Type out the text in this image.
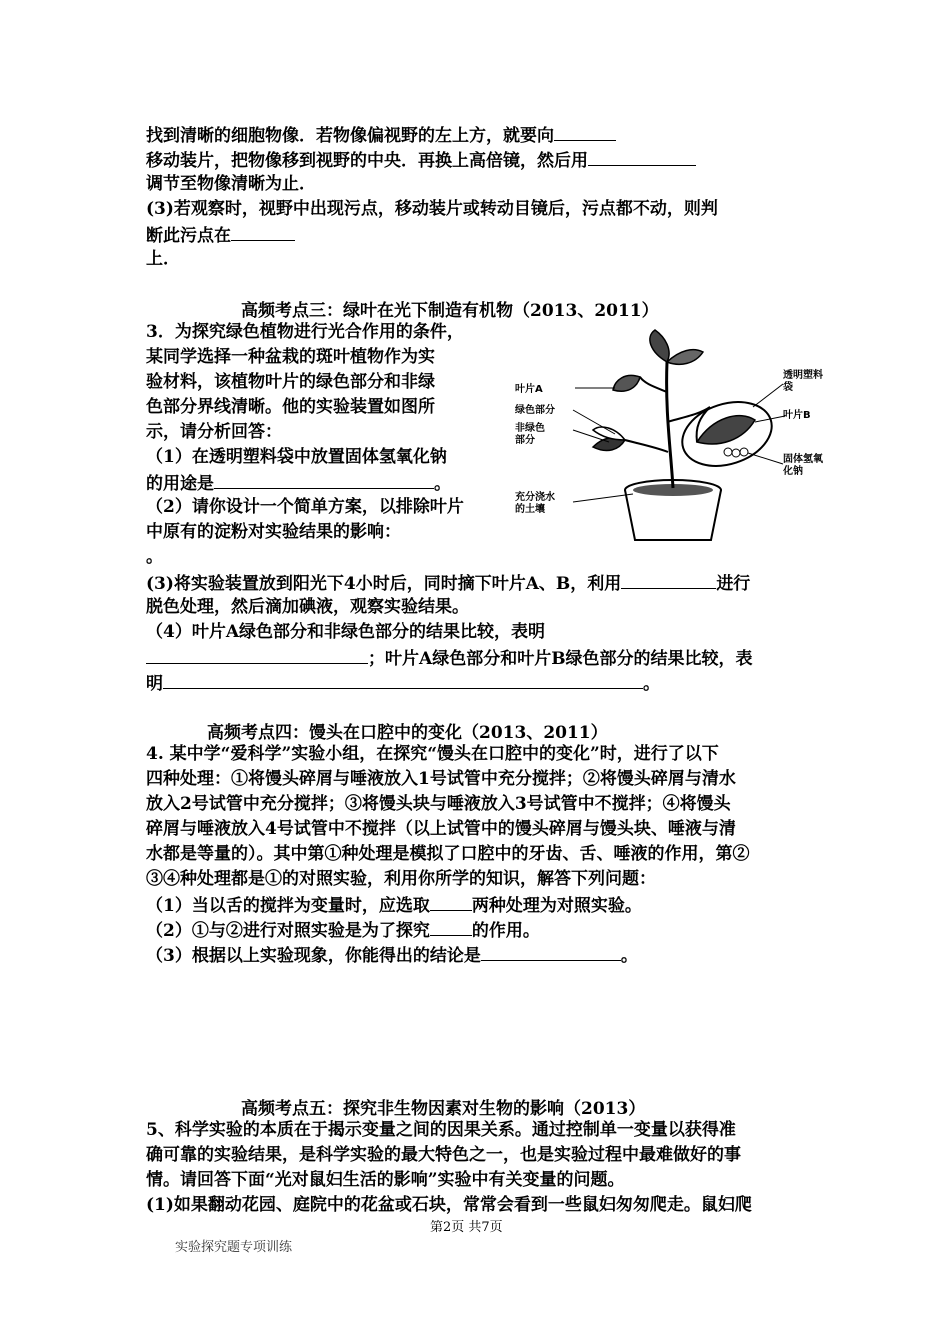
找到清晰的细胞物像．若物像偏视野的左上方，就要向
移动装片，把物像移到视野的中央．再换上高倍镜，然后用
调节至物像清晰为止．
(3)若观察时，视野中出现污点，移动装片或转动目镜后，污点都不动，则判
断此污点在
上．
高频考点三：绿叶在光下制造有机物（2013、2011）
3．为探究绿色植物进行光合作用的条件，
某同学选择一种盆栽的斑叶植物作为实
验材料，该植物叶片的绿色部分和非绿
色部分界线清晰。他的实验装置如图所
示，请分析回答：
（1）在透明塑料袋中放置固体氢氧化钠
的用途是	。
（2）请你设计一个简单方案，以排除叶片
中原有的淀粉对实验结果的影响：
。
叶片A
绿色部分
非绿色
部分
透明塑料
袋
叶片B
固体氢氧
化钠
充分浇水
的土壤
(3)将实验装置放到阳光下4小时后，同时摘下叶片A、B，利用	进行
脱色处理，然后滴加碘液，观察实验结果。
（4）叶片A绿色部分和非绿色部分的结果比较，表明
；叶片A绿色部分和叶片B绿色部分的结果比较，表
明	。
高频考点四：馒头在口腔中的变化（2013、2011）
4. 某中学“爱科学”实验小组，在探究“馒头在口腔中的变化”时，进行了以下
四种处理：①将馒头碎屑与唾液放入1号试管中充分搅拌；②将馒头碎屑与清水
放入2号试管中充分搅拌；③将馒头块与唾液放入3号试管中不搅拌；④将馒头
碎屑与唾液放入4号试管中不搅拌（以上试管中的馒头碎屑与馒头块、唾液与清
水都是等量的）。其中第①种处理是模拟了口腔中的牙齿、舌、唾液的作用，第②
③④种处理都是①的对照实验，利用你所学的知识，解答下列问题：
（1）当以舌的搅拌为变量时，应选取 两种处理为对照实验。
（2）①与②进行对照实验是为了探究 的作用。
（3）根据以上实验现象，你能得出的结论是	。
高频考点五：探究非生物因素对生物的影响（2013）
5、科学实验的本质在于揭示变量之间的因果关系。通过控制单一变量以获得准
确可靠的实验结果，是科学实验的最大特色之一，也是实验过程中最难做好的事
情。请回答下面“光对鼠妇生活的影响”实验中有关变量的问题。
(1)如果翻动花园、庭院中的花盆或石块，常常会看到一些鼠妇匆匆爬走。鼠妇爬
第2页 共7页
实验探究题专项训练
